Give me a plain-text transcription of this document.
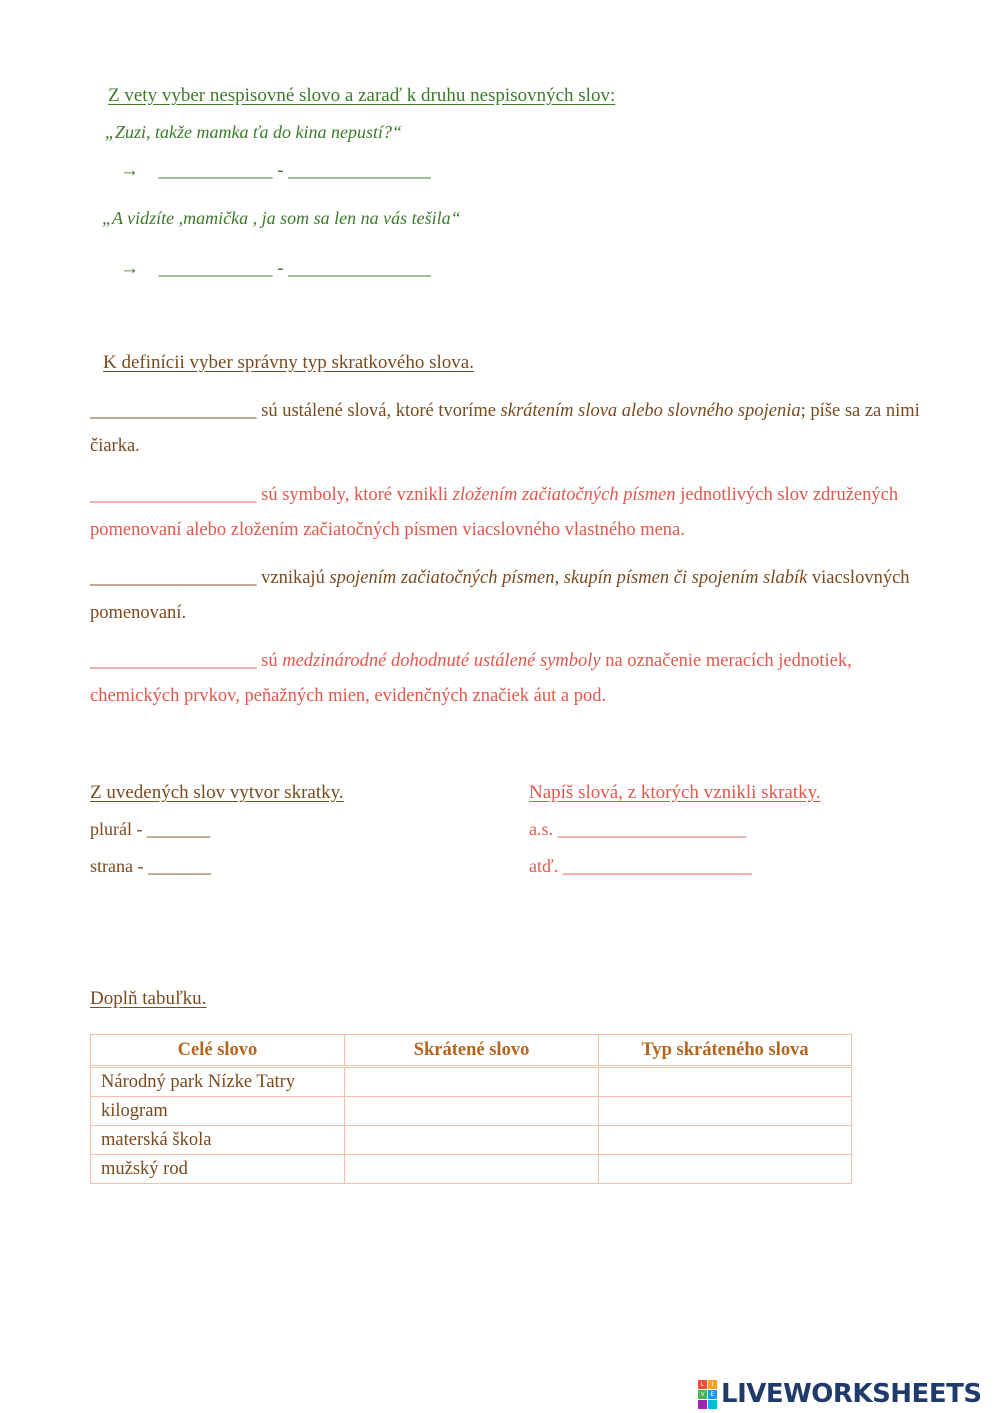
Z vety vyber nespisovné slovo a zaraď k druhu nespisovných slov:
„Zuzi, takže mamka ťa do kina nepustí?“
→ ____________ - _______________
„A vidzíte ,mamička , ja som sa len na vás tešila“
→ ____________ - _______________
K definícii vyber správny typ skratkového slova.
__________________ sú ustálené slová, ktoré tvoríme skrátením slova alebo slovného spojenia; píše sa za nimi čiarka.
__________________ sú symboly, ktoré vznikli zložením začiatočných písmen jednotlivých slov združených pomenovaní alebo zložením začiatočných písmen viacslovného vlastného mena.
__________________ vznikajú spojením začiatočných písmen, skupín písmen či spojením slabík viacslovných pomenovaní.
__________________ sú medzinárodné dohodnuté ustálené symboly na označenie meracích jednotiek, chemických prvkov, peňažných mien, evidenčných značiek áut a pod.
Z uvedených slov vytvor skratky.
plurál - _______
strana - _______
Napíš slová, z ktorých vznikli skratky.
a.s. _____________________
atď. _____________________
Doplň tabuľku.
Celé slovo	Skrátené slovo	Typ skráteného slova
Národný park Nízke Tatry		
kilogram		
materská škola		
mužský rod		
L	I
V	E LIVEWORKSHEETS
